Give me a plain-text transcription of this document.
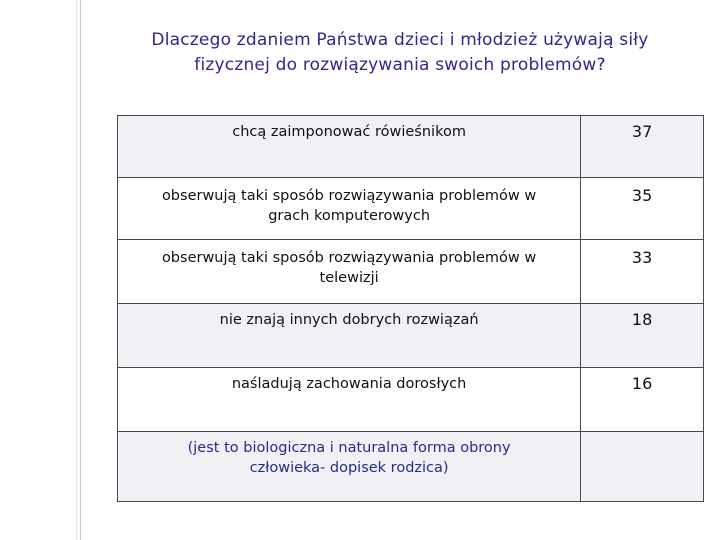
Dlaczego zdaniem Państwa dzieci i młodzież używają siły
fizycznej do rozwiązywania swoich problemów?
chcą zaimponować rówieśnikom	37

obserwują taki sposób rozwiązywania problemów w
grach komputerowych	35

obserwują taki sposób rozwiązywania problemów w
telewizji	33
nie znają innych dobrych rozwiązań	18
naśladują zachowania dorosłych	16

(jest to biologiczna i naturalna forma obrony
człowieka- dopisek rodzica)	
